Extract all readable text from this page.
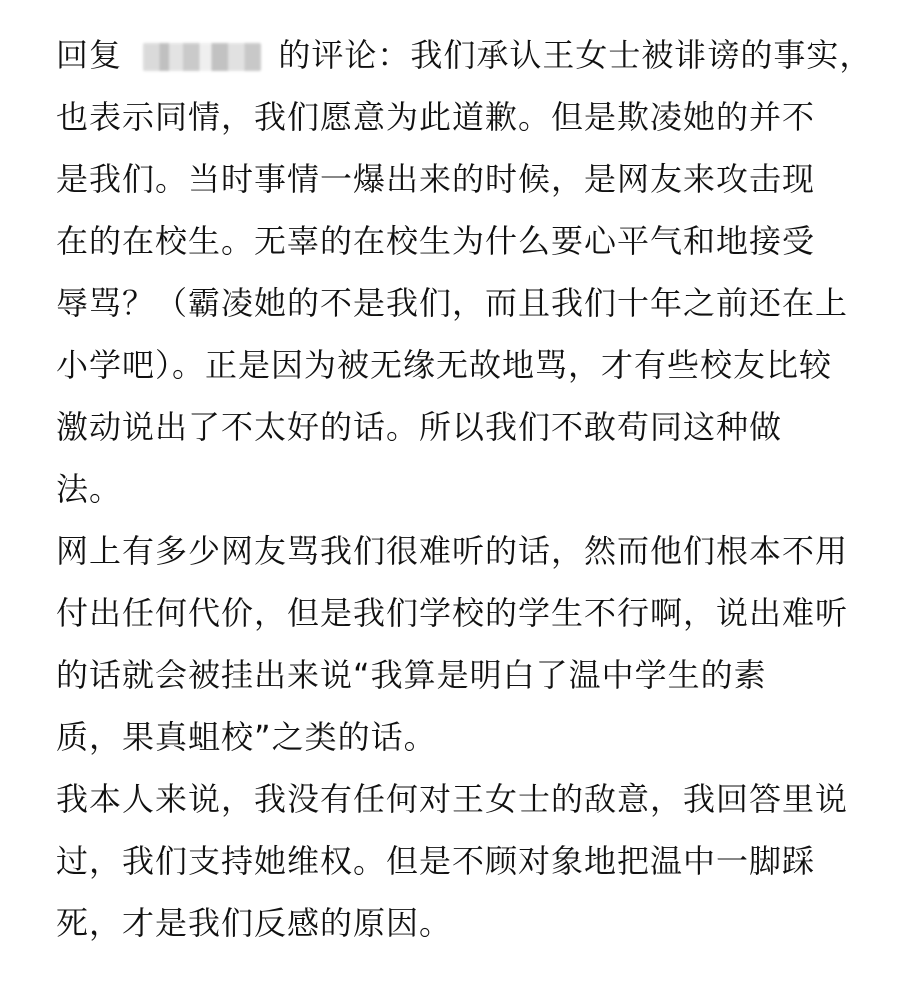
回复	的评论：我们承认王女士被诽谤的事实，
也表示同情，我们愿意为此道歉。但是欺凌她的并不
是我们。当时事情一爆出来的时候，是网友来攻击现
在的在校生。无辜的在校生为什么要心平气和地接受
辱骂？（霸凌她的不是我们，而且我们十年之前还在上
小学吧）。正是因为被无缘无故地骂，才有些校友比较
激动说出了不太好的话。所以我们不敢苟同这种做
法。
网上有多少网友骂我们很难听的话，然而他们根本不用
付出任何代价，但是我们学校的学生不行啊，说出难听
的话就会被挂出来说“我算是明白了温中学生的素
质，果真蛆校”之类的话。
我本人来说，我没有任何对王女士的敌意，我回答里说
过，我们支持她维权。但是不顾对象地把温中一脚踩
死，才是我们反感的原因。
